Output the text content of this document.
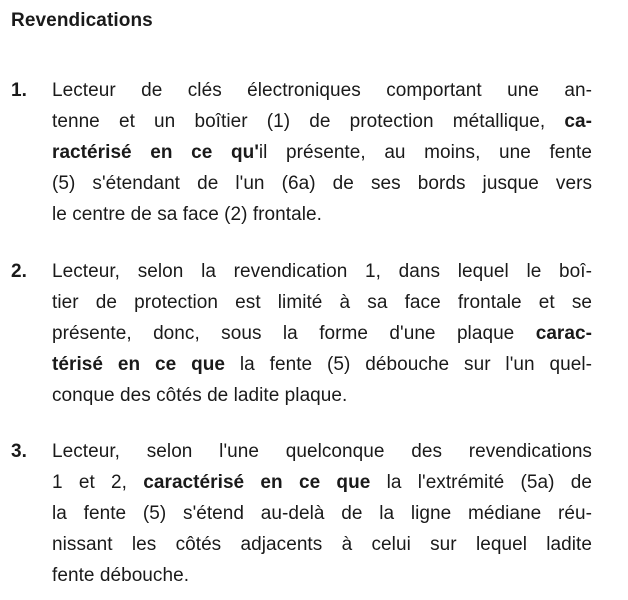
Revendications
1. Lecteur de clés électroniques comportant une an-
tenne et un boîtier (1) de protection métallique, ca-
ractérisé en ce qu'il présente, au moins, une fente
(5) s'étendant de l'un (6a) de ses bords jusque vers
le centre de sa face (2) frontale.
2. Lecteur, selon la revendication 1, dans lequel le boî-
tier de protection est limité à sa face frontale et se
présente, donc, sous la forme d'une plaque carac-
térisé en ce que la fente (5) débouche sur l'un quel-
conque des côtés de ladite plaque.
3. Lecteur, selon l'une quelconque des revendications
1 et 2, caractérisé en ce que la l'extrémité (5a) de
la fente (5) s'étend au-delà de la ligne médiane réu-
nissant les côtés adjacents à celui sur lequel ladite
fente débouche.
